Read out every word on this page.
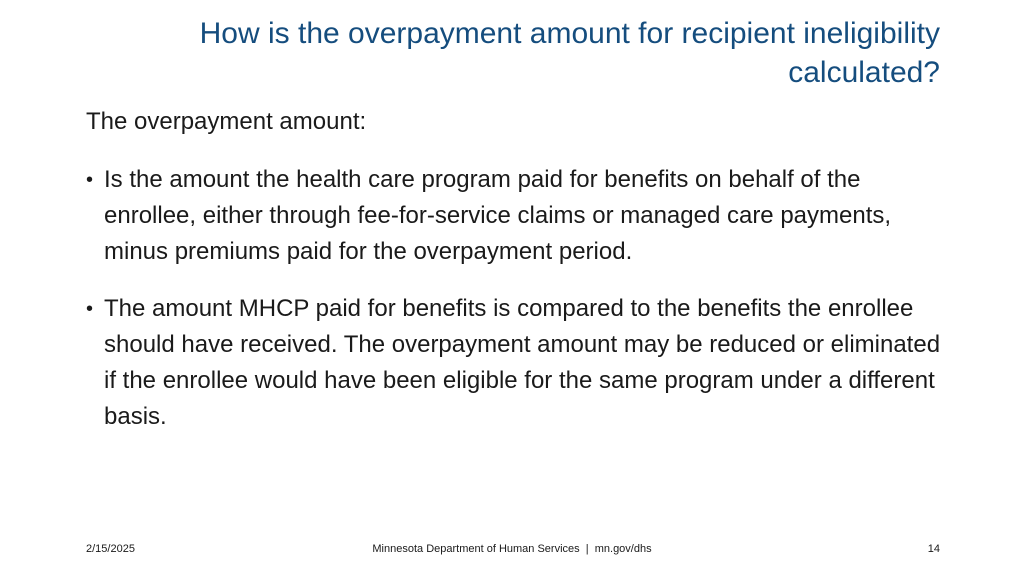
How is the overpayment amount for recipient ineligibility calculated?

The overpayment amount:

• Is the amount the health care program paid for benefits on behalf of the enrollee, either through fee-for-service claims or managed care payments, minus premiums paid for the overpayment period.
• The amount MHCP paid for benefits is compared to the benefits the enrollee should have received. The overpayment amount may be reduced or eliminated if the enrollee would have been eligible for the same program under a different basis.
2/15/2025	Minnesota Department of Human Services  |  mn.gov/dhs	14
